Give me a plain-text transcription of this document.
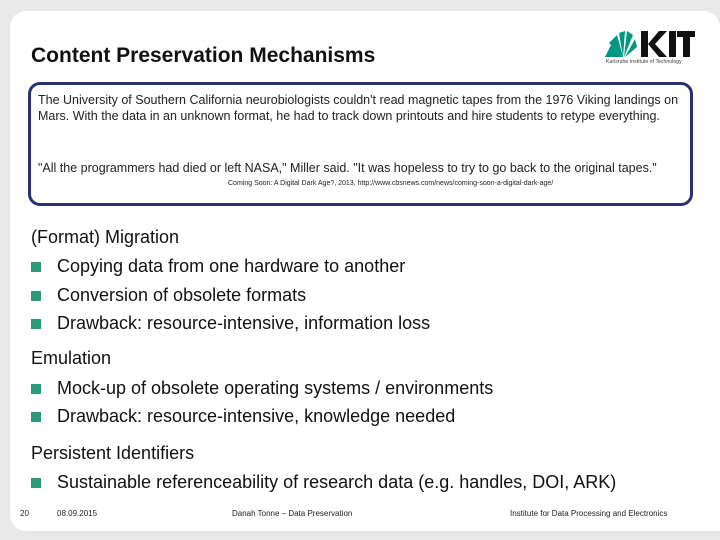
Content Preservation Mechanisms	Karlsruhe Institute of Technology
The University of Southern California neurobiologists couldn't read magnetic tapes from the 1976 Viking landings on Mars. With the data in an unknown format, he had to track down printouts and hire students to retype everything.
"All the programmers had died or left NASA," Miller said. "It was hopeless to try to go back to the original tapes."
Coming Soon: A Digital Dark Age?, 2013, http://www.cbsnews.com/news/coming-soon-a-digital-dark-age/
(Format) Migration
Copying data from one hardware to another
Conversion of obsolete formats
Drawback: resource-intensive, information loss
Emulation
Mock-up of obsolete operating systems / environments
Drawback: resource-intensive, knowledge needed
Persistent Identifiers
Sustainable referenceability of research data (e.g. handles, DOI, ARK)
20	08.09.2015	Danah Tonne – Data Preservation	Institute for Data Processing and Electronics
